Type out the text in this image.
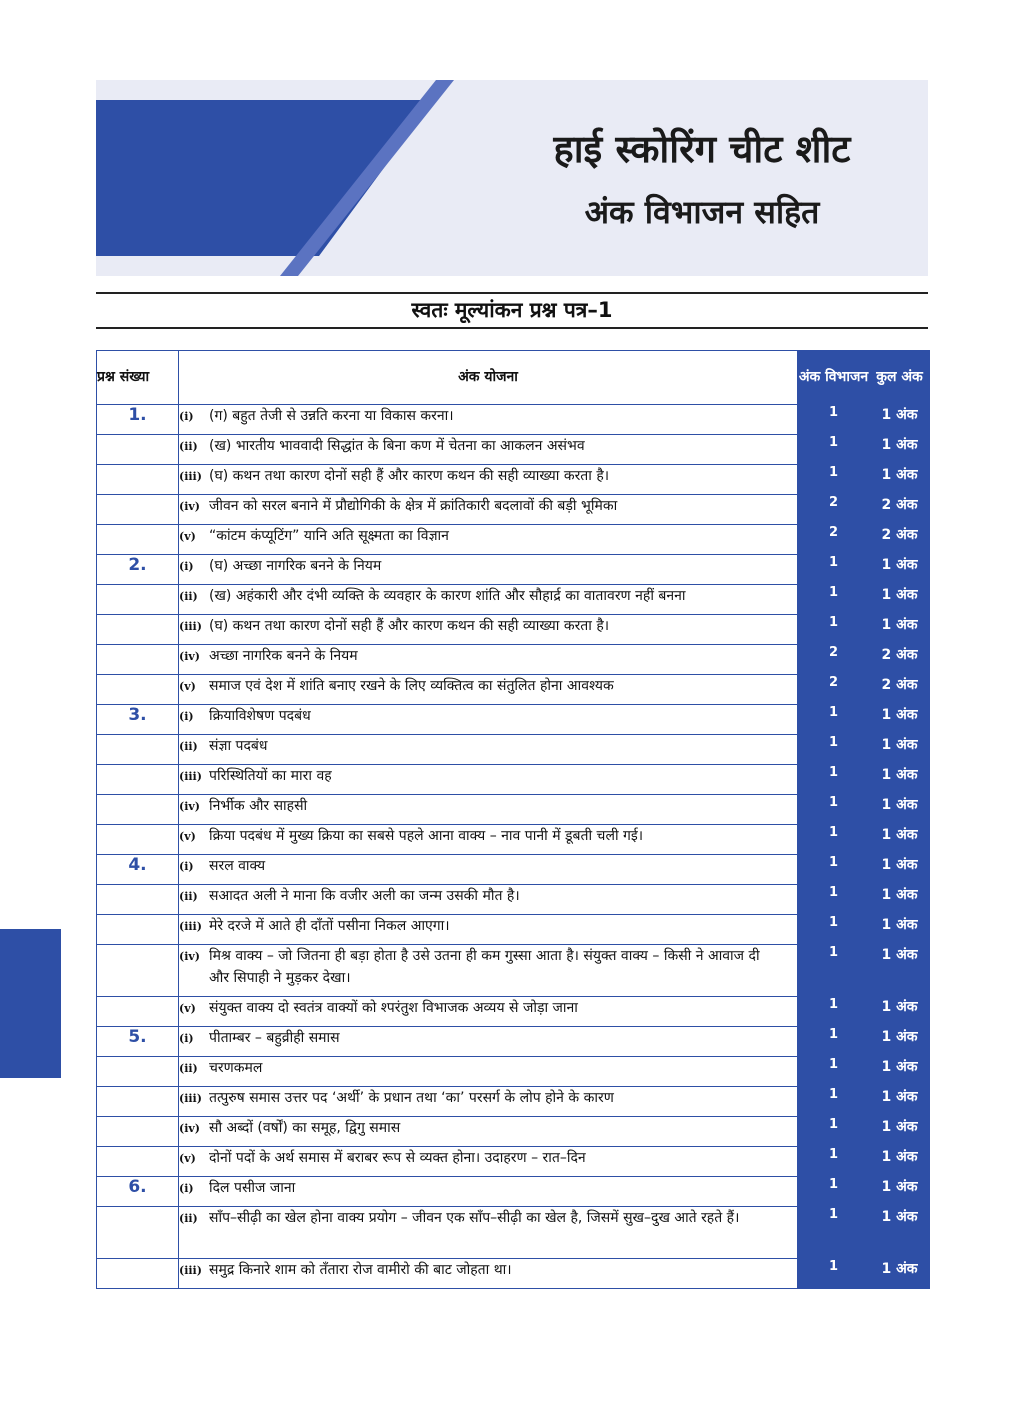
हाई स्कोरिंग चीट शीट
अंक विभाजन सहित
स्वतः मूल्यांकन प्रश्न पत्र–1
प्रश्न संख्या	अंक योजना	अंक विभाजन	कुल अंक
1.	(i) (ग) बहुत तेजी से उन्नति करना या विकास करना।	1	1 अंक
	(ii) (ख) भारतीय भाववादी सिद्धांत के बिना कण में चेतना का आकलन असंभव	1	1 अंक
	(iii) (घ) कथन तथा कारण दोनों सही हैं और कारण कथन की सही व्याख्या करता है।	1	1 अंक
	(iv) जीवन को सरल बनाने में प्रौद्योगिकी के क्षेत्र में क्रांतिकारी बदलावों की बड़ी भूमिका	2	2 अंक
	(v) “कांटम कंप्यूटिंग” यानि अति सूक्ष्मता का विज्ञान	2	2 अंक
2.	(i) (घ) अच्छा नागरिक बनने के नियम	1	1 अंक
	(ii) (ख) अहंकारी और दंभी व्यक्ति के व्यवहार के कारण शांति और सौहार्द्र का वातावरण नहीं बनना	1	1 अंक
	(iii) (घ) कथन तथा कारण दोनों सही हैं और कारण कथन की सही व्याख्या करता है।	1	1 अंक
	(iv) अच्छा नागरिक बनने के नियम	2	2 अंक
	(v) समाज एवं देश में शांति बनाए रखने के लिए व्यक्तित्व का संतुलित होना आवश्यक	2	2 अंक
3.	(i) क्रियाविशेषण पदबंध	1	1 अंक
	(ii) संज्ञा पदबंध	1	1 अंक
	(iii) परिस्थितियों का मारा वह	1	1 अंक
	(iv) निर्भीक और साहसी	1	1 अंक
	(v) क्रिया पदबंध में मुख्य क्रिया का सबसे पहले आना वाक्य – नाव पानी में डूबती चली गई।	1	1 अंक
4.	(i) सरल वाक्य	1	1 अंक
	(ii) सआदत अली ने माना कि वजीर अली का जन्म उसकी मौत है।	1	1 अंक
	(iii) मेरे दरजे में आते ही दाँतों पसीना निकल आएगा।	1	1 अंक
	(iv) मिश्र वाक्य – जो जितना ही बड़ा होता है उसे उतना ही कम गुस्सा आता है। संयुक्त वाक्य – किसी ने आवाज दी और सिपाही ने मुड़कर देखा।	1	1 अंक
	(v) संयुक्त वाक्य दो स्वतंत्र वाक्यों को श्परंतुश विभाजक अव्यय से जोड़ा जाना	1	1 अंक
5.	(i) पीताम्बर – बहुव्रीही समास	1	1 अंक
	(ii) चरणकमल	1	1 अंक
	(iii) तत्पुरुष समास उत्तर पद ‘अर्थी’ के प्रधान तथा ‘का’ परसर्ग के लोप होने के कारण	1	1 अंक
	(iv) सौ अब्दों (वर्षों) का समूह, द्विगु समास	1	1 अंक
	(v) दोनों पदों के अर्थ समास में बराबर रूप से व्यक्त होना। उदाहरण – रात–दिन	1	1 अंक
6.	(i) दिल पसीज जाना	1	1 अंक
	(ii) साँप–सीढ़ी का खेल होना वाक्य प्रयोग – जीवन एक साँप–सीढ़ी का खेल है, जिसमें सुख–दुख आते रहते हैं।	1	1 अंक
	(iii) समुद्र किनारे शाम को तँतारा रोज वामीरो की बाट जोहता था।	1	1 अंक
